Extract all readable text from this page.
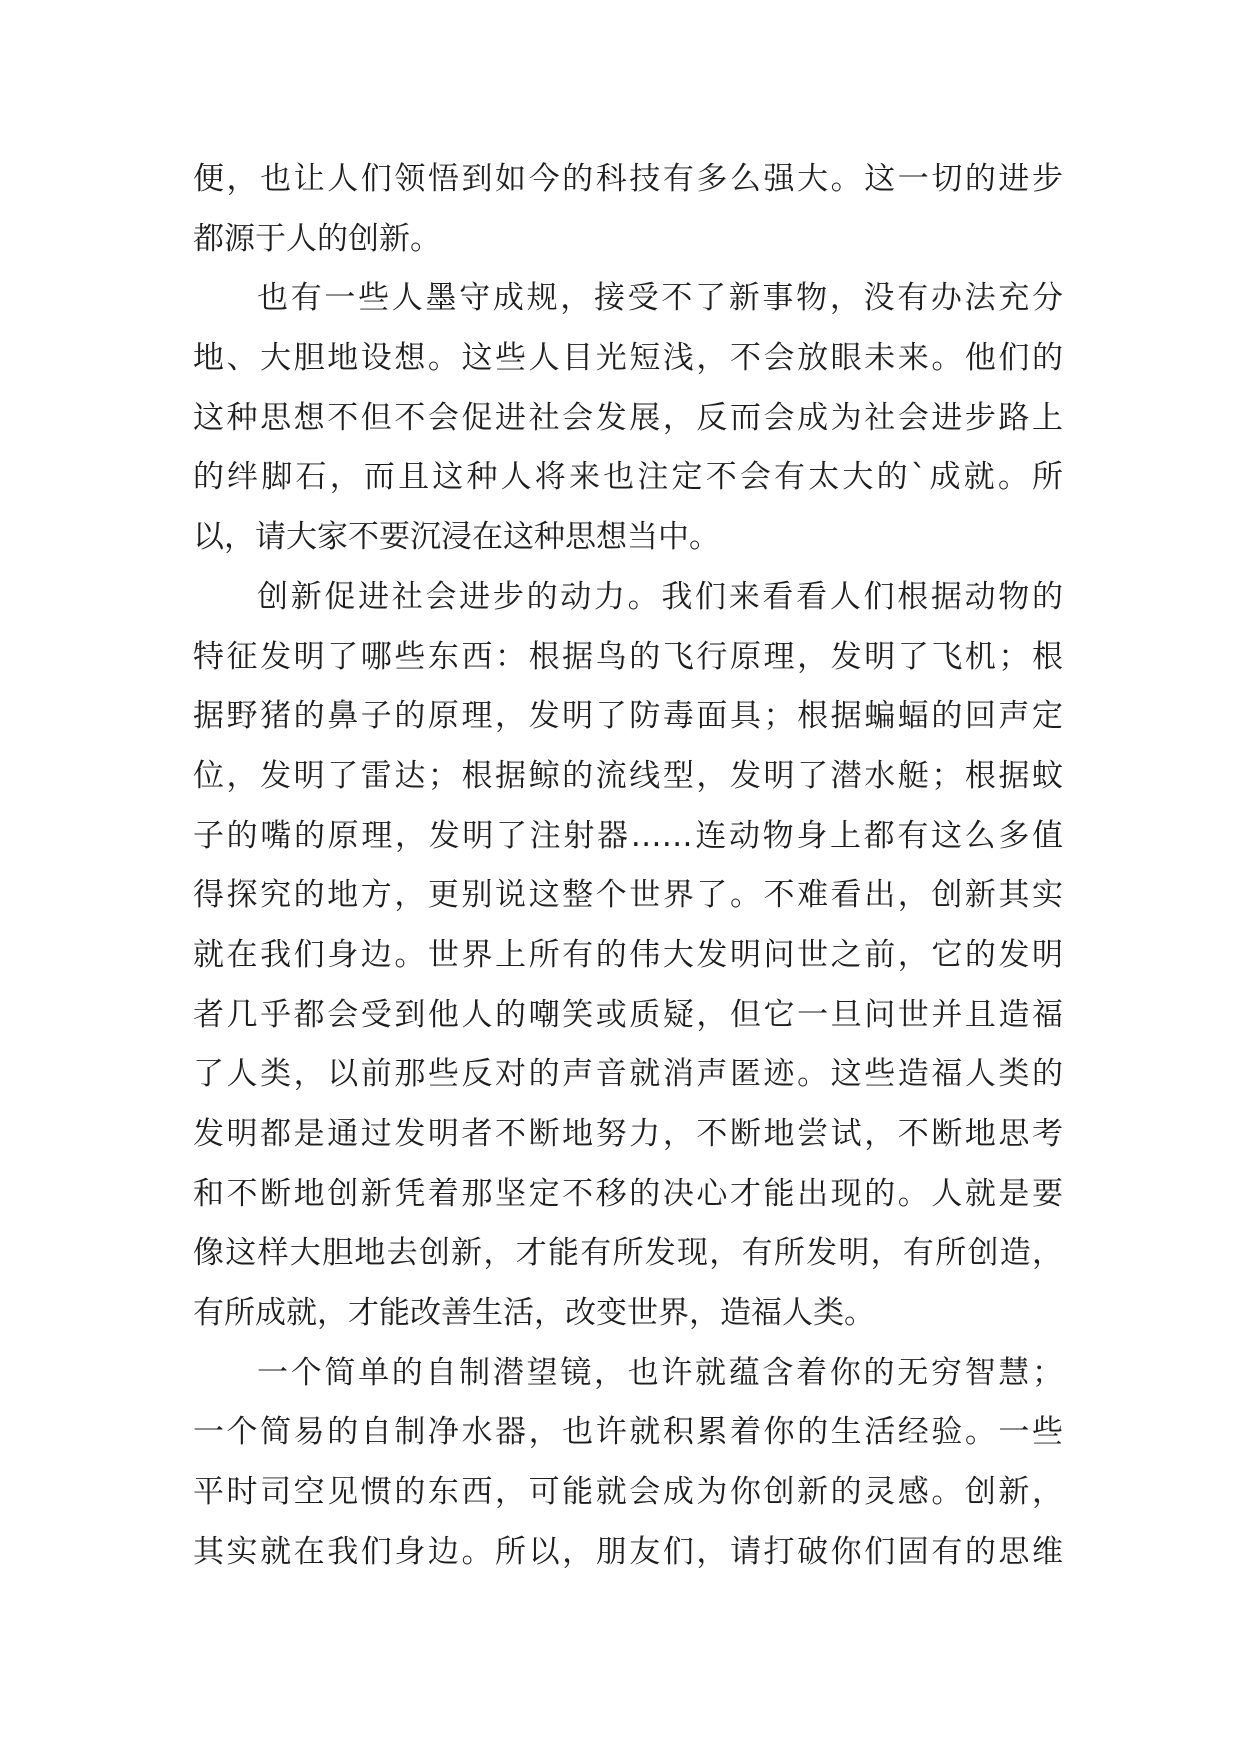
便，也让人们领悟到如今的科技有多么强大。这一切的进步
都源于人的创新。
也有一些人墨守成规，接受不了新事物，没有办法充分
地、大胆地设想。这些人目光短浅，不会放眼未来。他们的
这种思想不但不会促进社会发展，反而会成为社会进步路上
的绊脚石，而且这种人将来也注定不会有太大的`成就。所
以，请大家不要沉浸在这种思想当中。
创新促进社会进步的动力。我们来看看人们根据动物的
特征发明了哪些东西：根据鸟的飞行原理，发明了飞机；根
据野猪的鼻子的原理，发明了防毒面具；根据蝙蝠的回声定
位，发明了雷达；根据鲸的流线型，发明了潜水艇；根据蚊
子的嘴的原理，发明了注射器……连动物身上都有这么多值
得探究的地方，更别说这整个世界了。不难看出，创新其实
就在我们身边。世界上所有的伟大发明问世之前，它的发明
者几乎都会受到他人的嘲笑或质疑，但它一旦问世并且造福
了人类，以前那些反对的声音就消声匿迹。这些造福人类的
发明都是通过发明者不断地努力，不断地尝试，不断地思考
和不断地创新凭着那坚定不移的决心才能出现的。人就是要
像这样大胆地去创新，才能有所发现，有所发明，有所创造，
有所成就，才能改善生活，改变世界，造福人类。
一个简单的自制潜望镜，也许就蕴含着你的无穷智慧；
一个简易的自制净水器，也许就积累着你的生活经验。一些
平时司空见惯的东西，可能就会成为你创新的灵感。创新，
其实就在我们身边。所以，朋友们，请打破你们固有的思维
